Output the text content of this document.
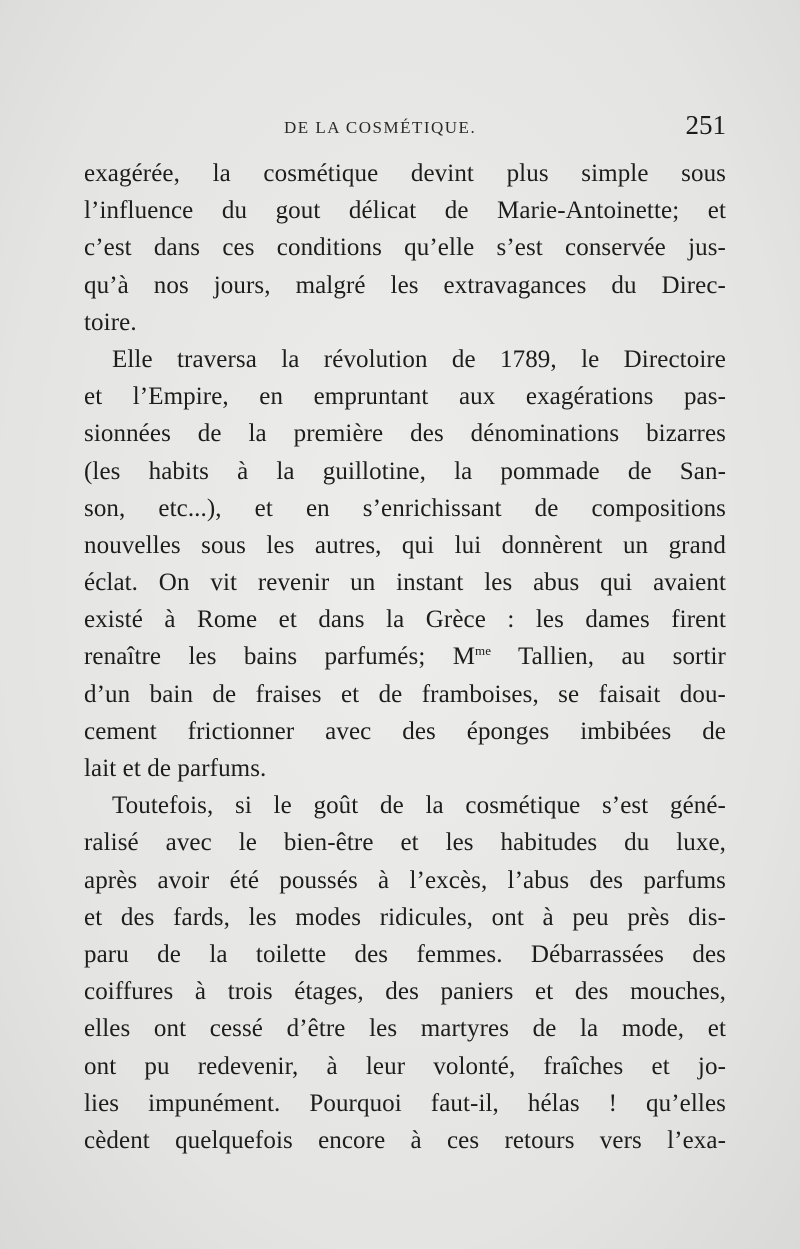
DE LA COSMÉTIQUE.	251
exagérée, la cosmétique devint plus simple sous
l’influence du gout délicat de Marie-Antoinette; et
c’est dans ces conditions qu’elle s’est conservée jus-
qu’à nos jours, malgré les extravagances du Direc-
toire.
Elle traversa la révolution de 1789, le Directoire
et l’Empire, en empruntant aux exagérations pas-
sionnées de la première des dénominations bizarres
(les habits à la guillotine, la pommade de San-
son, etc...), et en s’enrichissant de compositions
nouvelles sous les autres, qui lui donnèrent un grand
éclat. On vit revenir un instant les abus qui avaient
existé à Rome et dans la Grèce : les dames firent
renaître les bains parfumés; $M^{me}$ Tallien, au sortir
d’un bain de fraises et de framboises, se faisait dou-
cement frictionner avec des éponges imbibées de
lait et de parfums.
Toutefois, si le goût de la cosmétique s’est géné-
ralisé avec le bien-être et les habitudes du luxe,
après avoir été poussés à l’excès, l’abus des parfums
et des fards, les modes ridicules, ont à peu près dis-
paru de la toilette des femmes. Débarrassées des
coiffures à trois étages, des paniers et des mouches,
elles ont cessé d’être les martyres de la mode, et
ont pu redevenir, à leur volonté, fraîches et jo-
lies impunément. Pourquoi faut-il, hélas ! qu’elles
cèdent quelquefois encore à ces retours vers l’exa-
